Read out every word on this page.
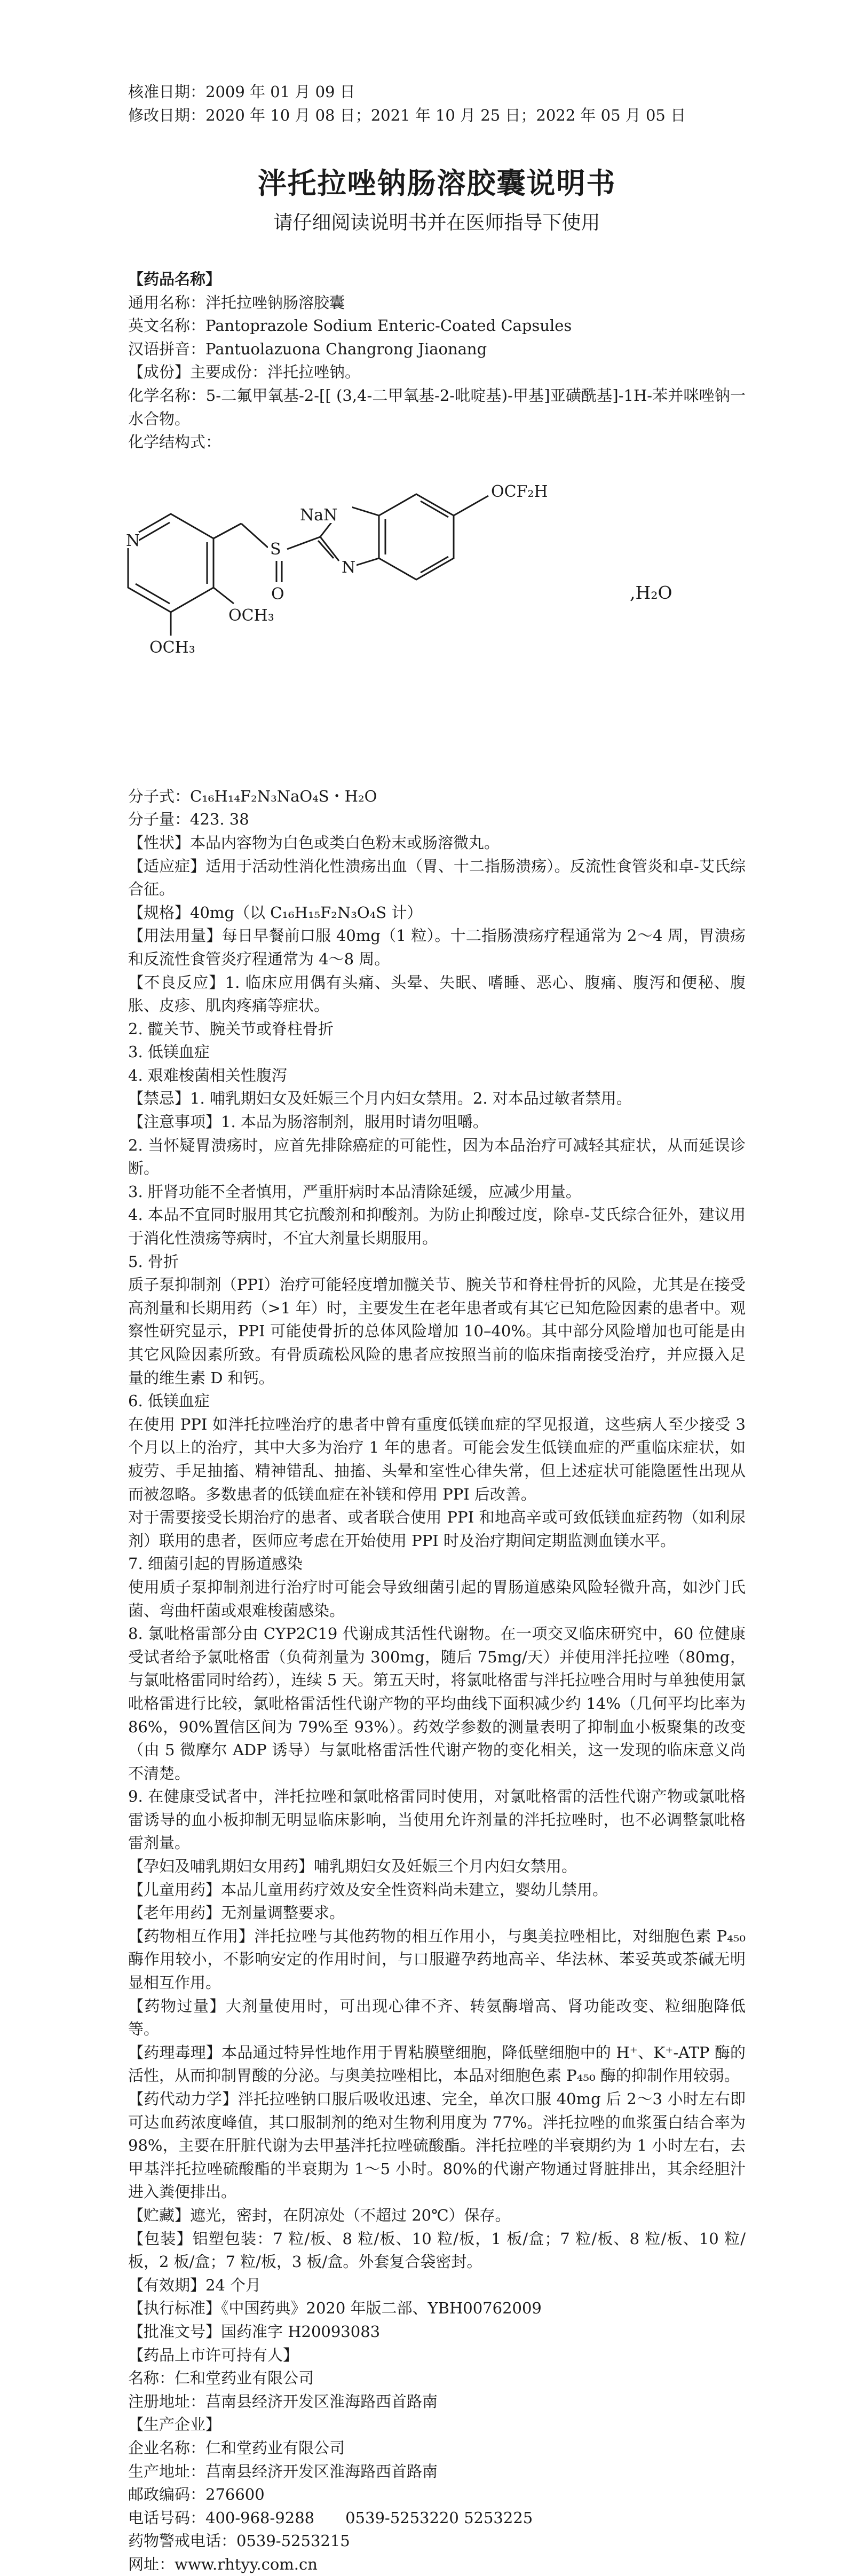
核准日期：2009 年 01 月 09 日
修改日期：2020 年 10 月 08 日；2021 年 10 月 25 日；2022 年 05 月 05 日
泮托拉唑钠肠溶胶囊说明书
请仔细阅读说明书并在医师指导下使用

【药品名称】

通用名称：泮托拉唑钠肠溶胶囊

英文名称：Pantoprazole Sodium Enteric-Coated Capsules

汉语拼音：Pantuolazuona Changrong Jiaonang

【成份】主要成份：泮托拉唑钠。

化学名称：5-二氟甲氧基-2-[[ (3,4-二甲氧基-2-吡啶基)-甲基]亚磺酰基]-1H-苯并咪唑钠一水合物。

化学结构式：

N
NaN
N
S
O
OCF₂H
OCH₃
OCH₃
,H₂O

分子式：C₁₆H₁₄F₂N₃NaO₄S・H₂O

分子量：423. 38

【性状】本品内容物为白色或类白色粉末或肠溶微丸。

【适应症】适用于活动性消化性溃疡出血（胃、十二指肠溃疡）。反流性食管炎和卓-艾氏综合征。

【规格】40mg（以 C₁₆H₁₅F₂N₃O₄S 计）

【用法用量】每日早餐前口服 40mg（1 粒）。十二指肠溃疡疗程通常为 2～4 周，胃溃疡和反流性食管炎疗程通常为 4～8 周。

【不良反应】1. 临床应用偶有头痛、头晕、失眠、嗜睡、恶心、腹痛、腹泻和便秘、腹胀、皮疹、肌肉疼痛等症状。

2. 髋关节、腕关节或脊柱骨折

3. 低镁血症

4. 艰难梭菌相关性腹泻

【禁忌】1. 哺乳期妇女及妊娠三个月内妇女禁用。2. 对本品过敏者禁用。

【注意事项】1. 本品为肠溶制剂，服用时请勿咀嚼。

2. 当怀疑胃溃疡时，应首先排除癌症的可能性，因为本品治疗可减轻其症状，从而延误诊断。

3. 肝肾功能不全者慎用，严重肝病时本品清除延缓，应减少用量。

4. 本品不宜同时服用其它抗酸剂和抑酸剂。为防止抑酸过度，除卓-艾氏综合征外，建议用于消化性溃疡等病时，不宜大剂量长期服用。

5. 骨折

质子泵抑制剂（PPI）治疗可能轻度增加髋关节、腕关节和脊柱骨折的风险，尤其是在接受高剂量和长期用药（>1 年）时，主要发生在老年患者或有其它已知危险因素的患者中。观察性研究显示，PPI 可能使骨折的总体风险增加 10–40%。其中部分风险增加也可能是由其它风险因素所致。有骨质疏松风险的患者应按照当前的临床指南接受治疗，并应摄入足量的维生素 D 和钙。

6. 低镁血症

在使用 PPI 如泮托拉唑治疗的患者中曾有重度低镁血症的罕见报道，这些病人至少接受 3 个月以上的治疗，其中大多为治疗 1 年的患者。可能会发生低镁血症的严重临床症状，如疲劳、手足抽搐、精神错乱、抽搐、头晕和室性心律失常，但上述症状可能隐匿性出现从而被忽略。多数患者的低镁血症在补镁和停用 PPI 后改善。

对于需要接受长期治疗的患者、或者联合使用 PPI 和地高辛或可致低镁血症药物（如利尿剂）联用的患者，医师应考虑在开始使用 PPI 时及治疗期间定期监测血镁水平。

7. 细菌引起的胃肠道感染

使用质子泵抑制剂进行治疗时可能会导致细菌引起的胃肠道感染风险轻微升高，如沙门氏菌、弯曲杆菌或艰难梭菌感染。

8. 氯吡格雷部分由 CYP2C19 代谢成其活性代谢物。在一项交叉临床研究中，60 位健康受试者给予氯吡格雷（负荷剂量为 300mg，随后 75mg/天）并使用泮托拉唑（80mg，与氯吡格雷同时给药），连续 5 天。第五天时，将氯吡格雷与泮托拉唑合用时与单独使用氯吡格雷进行比较，氯吡格雷活性代谢产物的平均曲线下面积减少约 14%（几何平均比率为 86%，90%置信区间为 79%至 93%）。药效学参数的测量表明了抑制血小板聚集的改变（由 5 微摩尔 ADP 诱导）与氯吡格雷活性代谢产物的变化相关，这一发现的临床意义尚不清楚。

9. 在健康受试者中，泮托拉唑和氯吡格雷同时使用，对氯吡格雷的活性代谢产物或氯吡格雷诱导的血小板抑制无明显临床影响，当使用允许剂量的泮托拉唑时，也不必调整氯吡格雷剂量。

【孕妇及哺乳期妇女用药】哺乳期妇女及妊娠三个月内妇女禁用。

【儿童用药】本品儿童用药疗效及安全性资料尚未建立，婴幼儿禁用。

【老年用药】无剂量调整要求。

【药物相互作用】泮托拉唑与其他药物的相互作用小，与奥美拉唑相比，对细胞色素 P₄₅₀酶作用较小，不影响安定的作用时间，与口服避孕药地高辛、华法林、苯妥英或茶碱无明显相互作用。

【药物过量】大剂量使用时，可出现心律不齐、转氨酶增高、肾功能改变、粒细胞降低等。

【药理毒理】本品通过特异性地作用于胃粘膜壁细胞，降低壁细胞中的 H⁺、K⁺-ATP 酶的活性，从而抑制胃酸的分泌。与奥美拉唑相比，本品对细胞色素 P₄₅₀ 酶的抑制作用较弱。

【药代动力学】泮托拉唑钠口服后吸收迅速、完全，单次口服 40mg 后 2～3 小时左右即可达血药浓度峰值，其口服制剂的绝对生物利用度为 77%。泮托拉唑的血浆蛋白结合率为 98%，主要在肝脏代谢为去甲基泮托拉唑硫酸酯。泮托拉唑的半衰期约为 1 小时左右，去甲基泮托拉唑硫酸酯的半衰期为 1～5 小时。80%的代谢产物通过肾脏排出，其余经胆汁进入粪便排出。

【贮藏】遮光，密封，在阴凉处（不超过 20℃）保存。

【包装】铝塑包装：7 粒/板、8 粒/板、10 粒/板，1 板/盒；7 粒/板、8 粒/板、10 粒/板，2 板/盒；7 粒/板，3 板/盒。外套复合袋密封。

【有效期】24 个月

【执行标准】《中国药典》2020 年版二部、YBH00762009

【批准文号】国药准字 H20093083

【药品上市许可持有人】

名称：仁和堂药业有限公司

注册地址：莒南县经济开发区淮海路西首路南

【生产企业】

企业名称：仁和堂药业有限公司

生产地址：莒南县经济开发区淮海路西首路南

邮政编码：276600

电话号码：400-968-9288　　0539-5253220 5253225

药物警戒电话：0539-5253215

网址：www.rhtyy.com.cn
